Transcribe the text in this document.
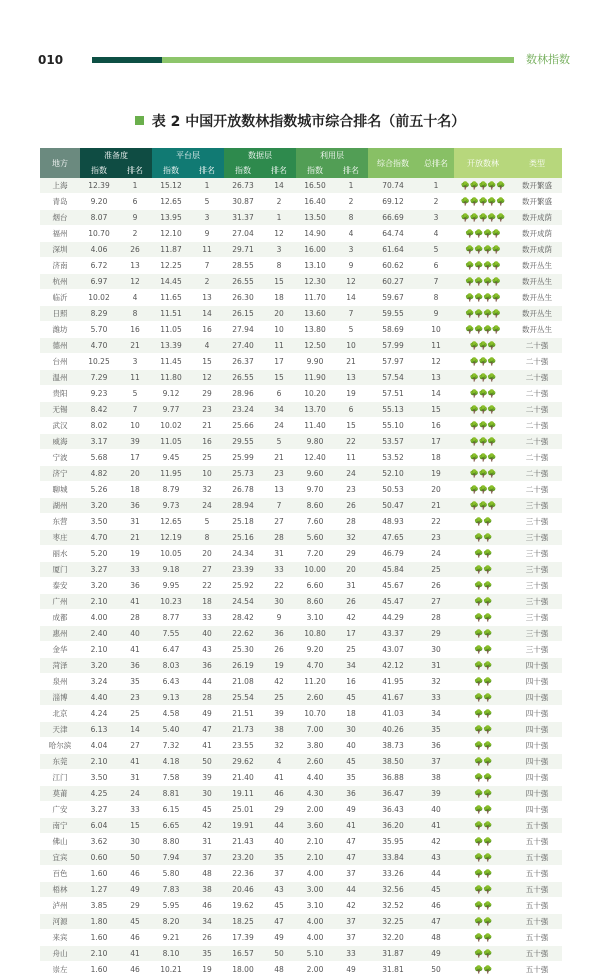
010	数林指数
表 2 中国开放数林指数城市综合排名（前五十名）
地方	准备度		平台层		数据层		利用层		综合指数	总排名	开放数林	类型
	指数	排名	指数	排名	指数	排名	指数	排名				
上海	12.39	1	15.12	1	26.73	14	16.50	1	70.74	1	🌳🌳🌳🌳🌳	数开繁盛
青岛	9.20	6	12.65	5	30.87	2	16.40	2	69.12	2	🌳🌳🌳🌳🌳	数开繁盛
烟台	8.07	9	13.95	3	31.37	1	13.50	8	66.69	3	🌳🌳🌳🌳🌳	数开成荫
福州	10.70	2	12.10	9	27.04	12	14.90	4	64.74	4	🌳🌳🌳🌳	数开成荫
深圳	4.06	26	11.87	11	29.71	3	16.00	3	61.64	5	🌳🌳🌳🌳	数开成荫
济南	6.72	13	12.25	7	28.55	8	13.10	9	60.62	6	🌳🌳🌳🌳	数开丛生
杭州	6.97	12	14.45	2	26.55	15	12.30	12	60.27	7	🌳🌳🌳🌳	数开丛生
临沂	10.02	4	11.65	13	26.30	18	11.70	14	59.67	8	🌳🌳🌳🌳	数开丛生
日照	8.29	8	11.51	14	26.15	20	13.60	7	59.55	9	🌳🌳🌳🌳	数开丛生
潍坊	5.70	16	11.05	16	27.94	10	13.80	5	58.69	10	🌳🌳🌳🌳	数开丛生
德州	4.70	21	13.39	4	27.40	11	12.50	10	57.99	11	🌳🌳🌳	二十强
台州	10.25	3	11.45	15	26.37	17	9.90	21	57.97	12	🌳🌳🌳	二十强
温州	7.29	11	11.80	12	26.55	15	11.90	13	57.54	13	🌳🌳🌳	二十强
贵阳	9.23	5	9.12	29	28.96	6	10.20	19	57.51	14	🌳🌳🌳	二十强
无锡	8.42	7	9.77	23	23.24	34	13.70	6	55.13	15	🌳🌳🌳	二十强
武汉	8.02	10	10.02	21	25.66	24	11.40	15	55.10	16	🌳🌳🌳	二十强
威海	3.17	39	11.05	16	29.55	5	9.80	22	53.57	17	🌳🌳🌳	二十强
宁波	5.68	17	9.45	25	25.99	21	12.40	11	53.52	18	🌳🌳🌳	二十强
济宁	4.82	20	11.95	10	25.73	23	9.60	24	52.10	19	🌳🌳🌳	二十强
聊城	5.26	18	8.79	32	26.78	13	9.70	23	50.53	20	🌳🌳🌳	二十强
湖州	3.20	36	9.73	24	28.94	7	8.60	26	50.47	21	🌳🌳🌳	三十强
东营	3.50	31	12.65	5	25.18	27	7.60	28	48.93	22	🌳🌳	三十强
枣庄	4.70	21	12.19	8	25.16	28	5.60	32	47.65	23	🌳🌳	三十强
丽水	5.20	19	10.05	20	24.34	31	7.20	29	46.79	24	🌳🌳	三十强
厦门	3.27	33	9.18	27	23.39	33	10.00	20	45.84	25	🌳🌳	三十强
泰安	3.20	36	9.95	22	25.92	22	6.60	31	45.67	26	🌳🌳	三十强
广州	2.10	41	10.23	18	24.54	30	8.60	26	45.47	27	🌳🌳	三十强
成都	4.00	28	8.77	33	28.42	9	3.10	42	44.29	28	🌳🌳	三十强
惠州	2.40	40	7.55	40	22.62	36	10.80	17	43.37	29	🌳🌳	三十强
金华	2.10	41	6.47	43	25.30	26	9.20	25	43.07	30	🌳🌳	三十强
菏泽	3.20	36	8.03	36	26.19	19	4.70	34	42.12	31	🌳🌳	四十强
泉州	3.24	35	6.43	44	21.08	42	11.20	16	41.95	32	🌳🌳	四十强
淄博	4.40	23	9.13	28	25.54	25	2.60	45	41.67	33	🌳🌳	四十强
北京	4.24	25	4.58	49	21.51	39	10.70	18	41.03	34	🌳🌳	四十强
天津	6.13	14	5.40	47	21.73	38	7.00	30	40.26	35	🌳🌳	四十强
哈尔滨	4.04	27	7.32	41	23.55	32	3.80	40	38.73	36	🌳🌳	四十强
东莞	2.10	41	4.18	50	29.62	4	2.60	45	38.50	37	🌳🌳	四十强
江门	3.50	31	7.58	39	21.40	41	4.40	35	36.88	38	🌳🌳	四十强
莫莆	4.25	24	8.81	30	19.11	46	4.30	36	36.47	39	🌳🌳	四十强
广安	3.27	33	6.15	45	25.01	29	2.00	49	36.43	40	🌳🌳	四十强
南宁	6.04	15	6.65	42	19.91	44	3.60	41	36.20	41	🌳🌳	五十强
佛山	3.62	30	8.80	31	21.43	40	2.10	47	35.95	42	🌳🌳	五十强
宜宾	0.60	50	7.94	37	23.20	35	2.10	47	33.84	43	🌳🌳	五十强
百色	1.60	46	5.80	48	22.36	37	4.00	37	33.26	44	🌳🌳	五十强
梧林	1.27	49	7.83	38	20.46	43	3.00	44	32.56	45	🌳🌳	五十强
泸州	3.85	29	5.95	46	19.62	45	3.10	42	32.52	46	🌳🌳	五十强
河源	1.80	45	8.20	34	18.25	47	4.00	37	32.25	47	🌳🌳	五十强
来宾	1.60	46	9.21	26	17.39	49	4.00	37	32.20	48	🌳🌳	五十强
舟山	2.10	41	8.10	35	16.57	50	5.10	33	31.87	49	🌳🌳	五十强
崇左	1.60	46	10.21	19	18.00	48	2.00	49	31.81	50	🌳🌳	五十强
